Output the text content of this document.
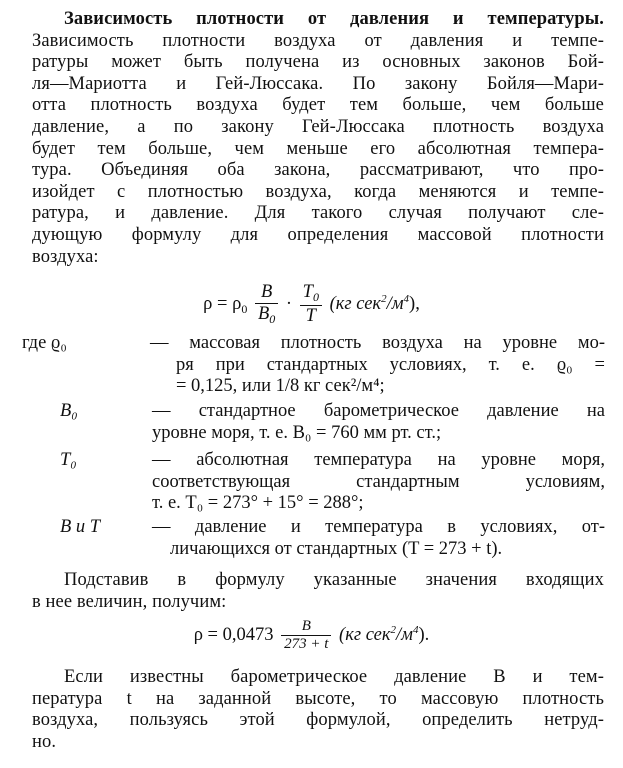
Зависимость плотности от давления и температуры.
Зависимость плотности воздуха от давления и темпе-
ратуры может быть получена из основных законов Бой-
ля—Мариотта и Гей-Люссака. По закону Бойля—Мари-
отта плотность воздуха будет тем больше, чем больше
давление, а по закону Гей-Люссака плотность воздуха
будет тем больше, чем меньше его абсолютная темпера-
тура. Объединяя оба закона, рассматривают, что про-
изойдет с плотностью воздуха, когда меняются и темпе-
ратура, и давление. Для такого случая получают сле-
дующую формулу для определения массовой плотности
воздуха:
$\rho = \rho_0 \frac{B}{B_0} \cdot \frac{T_0}{T} (кг$ $сек^2/м^4$),
где ϱ₀	— массовая плотность воздуха на уровне мо-
ря при стандартных условиях, т. е. ϱ₀ =
= 0,125, или 1/8 кг сек²/м⁴;
B₀	— стандартное барометрическое давление на
уровне моря, т. е. B₀ = 760 мм рт. ст.;
T₀	— абсолютная температура на уровне моря,
соответствующая стандартным условиям,
т. е. T₀ = 273° + 15° = 288°;
B и T	— давление и температура в условиях, от-
личающихся от стандартных (T = 273 + t).
Подставив в формулу указанные значения входящих
в нее величин, получим:
$\rho = 0,0473 \frac{B}{273 + t} (кг$ $сек^2/м^4$).
Если известны барометрическое давление B и тем-
пература t на заданной высоте, то массовую плотность
воздуха, пользуясь этой формулой, определить нетруд-
но.
